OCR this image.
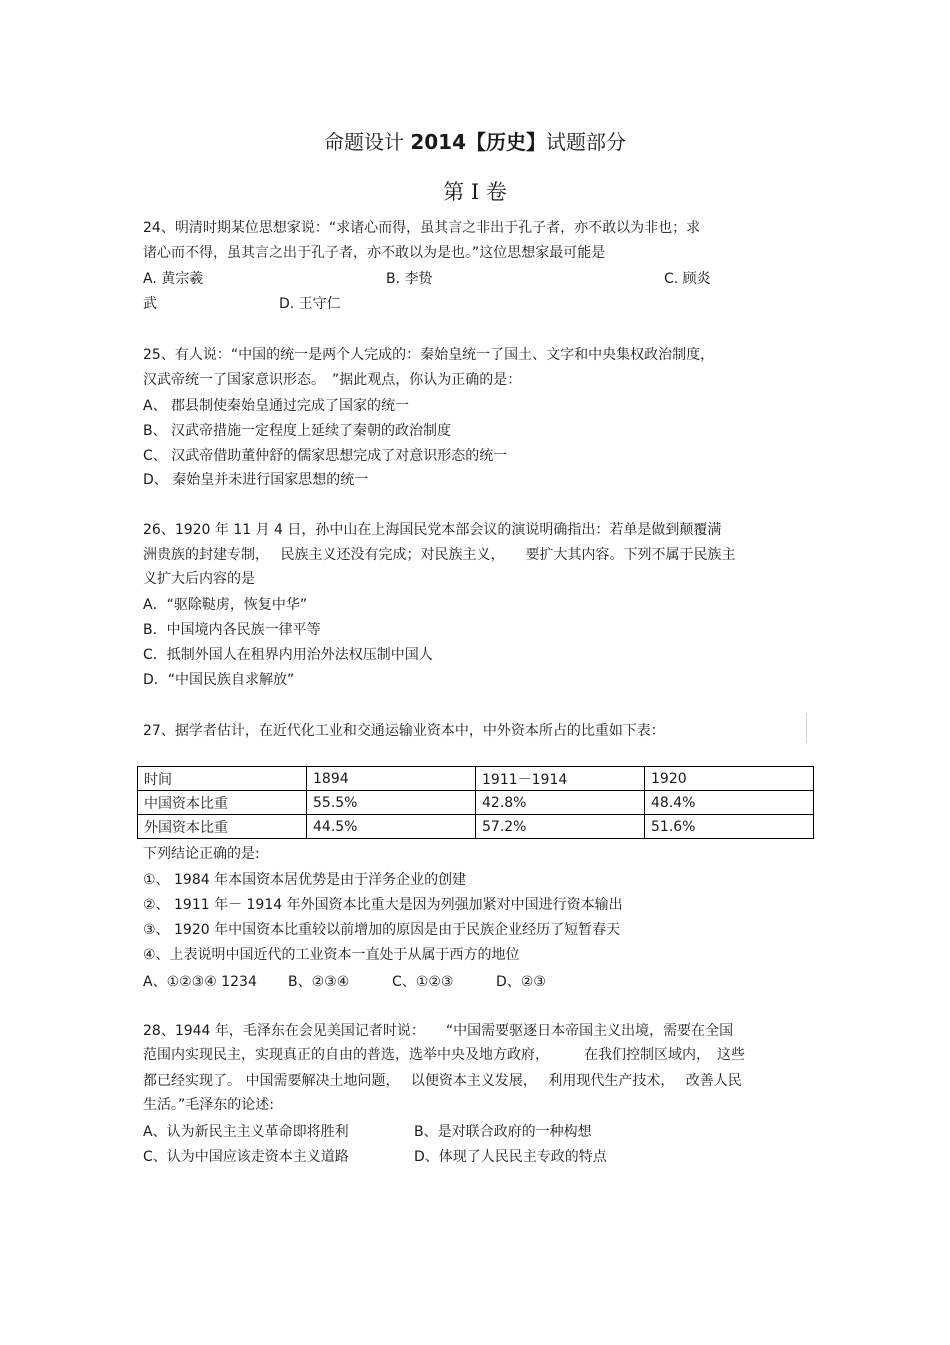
命题设计 2014【历史】试题部分
第 I 卷
24、明清时期某位思想家说：“求诸心而得，虽其言之非出于孔子者，亦不敢以为非也；求
诸心而不得，虽其言之出于孔子者，亦不敢以为是也。”这位思想家最可能是
A. 黄宗羲	B. 李贽	C. 顾炎
武	D. 王守仁
25、有人说：“中国的统一是两个人完成的：秦始皇统一了国土、文字和中央集权政治制度，
汉武帝统一了国家意识形态。　”据此观点，你认为正确的是：
A、 郡县制使秦始皇通过完成了国家的统一
B、 汉武帝措施一定程度上延续了秦朝的政治制度
C、 汉武帝借助董仲舒的儒家思想完成了对意识形态的统一
D、 秦始皇并未进行国家思想的统一
26、1920 年 11 月 4 日，孙中山在上海国民党本部会议的演说明确指出：若单是做到颠覆满
洲贵族的封建专制，　 民族主义还没有完成；对民族主义，　　要扩大其内容。下列不属于民族主
义扩大后内容的是
A．“驱除鞑虏，恢复中华”
B．中国境内各民族一律平等
C．抵制外国人在租界内用治外法权压制中国人
D．“中国民族自求解放”
27、据学者估计，在近代化工业和交通运输业资本中，中外资本所占的比重如下表：
时间	1894	1911－1914	1920
中国资本比重	55.5%	42.8%	48.4%
外国资本比重	44.5%	57.2%	51.6%
下列结论正确的是:
①、 1984 年本国资本居优势是由于洋务企业的创建
②、 1911 年－ 1914 年外国资本比重大是因为列强加紧对中国进行资本输出
③、 1920 年中国资本比重较以前增加的原因是由于民族企业经历了短暂春天
④、上表说明中国近代的工业资本一直处于从属于西方的地位
A、①②③④ 1234 B、②③④	C、①②③	D、②③
28、1944 年，毛泽东在会见美国记者时说：　　“中国需要驱逐日本帝国主义出境，需要在全国
范围内实现民主，实现真正的自由的普选，选举中央及地方政府，　　　在我们控制区域内，　这些
都已经实现了。 中国需要解决土地问题，　 以便资本主义发展，　 利用现代生产技术，　 改善人民
生活。”毛泽东的论述:
A、认为新民主主义革命即将胜利	B、是对联合政府的一种构想
C、认为中国应该走资本主义道路	D、体现了人民民主专政的特点
